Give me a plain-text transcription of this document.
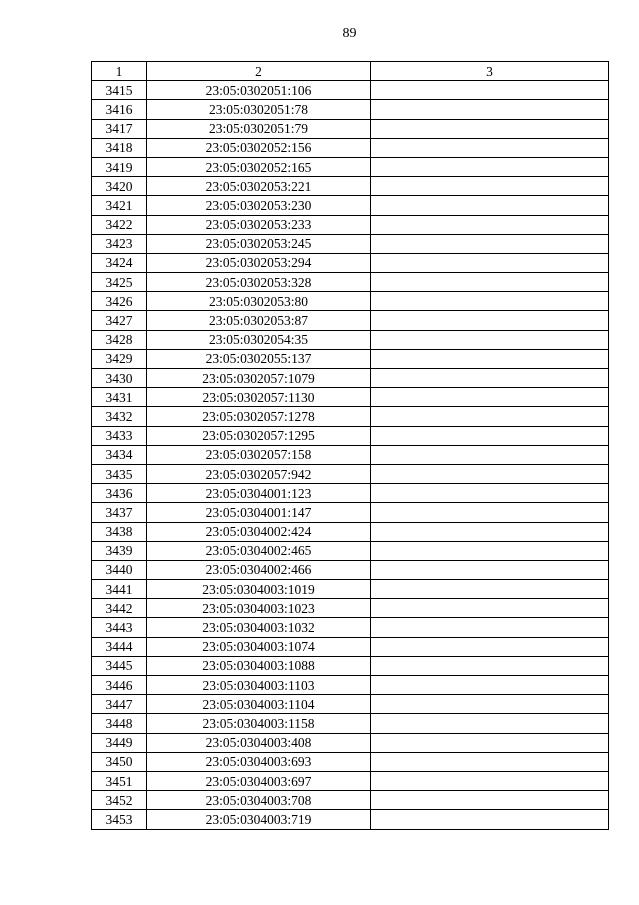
89
1	2	3
3415	23:05:0302051:106	
3416	23:05:0302051:78	
3417	23:05:0302051:79	
3418	23:05:0302052:156	
3419	23:05:0302052:165	
3420	23:05:0302053:221	
3421	23:05:0302053:230	
3422	23:05:0302053:233	
3423	23:05:0302053:245	
3424	23:05:0302053:294	
3425	23:05:0302053:328	
3426	23:05:0302053:80	
3427	23:05:0302053:87	
3428	23:05:0302054:35	
3429	23:05:0302055:137	
3430	23:05:0302057:1079	
3431	23:05:0302057:1130	
3432	23:05:0302057:1278	
3433	23:05:0302057:1295	
3434	23:05:0302057:158	
3435	23:05:0302057:942	
3436	23:05:0304001:123	
3437	23:05:0304001:147	
3438	23:05:0304002:424	
3439	23:05:0304002:465	
3440	23:05:0304002:466	
3441	23:05:0304003:1019	
3442	23:05:0304003:1023	
3443	23:05:0304003:1032	
3444	23:05:0304003:1074	
3445	23:05:0304003:1088	
3446	23:05:0304003:1103	
3447	23:05:0304003:1104	
3448	23:05:0304003:1158	
3449	23:05:0304003:408	
3450	23:05:0304003:693	
3451	23:05:0304003:697	
3452	23:05:0304003:708	
3453	23:05:0304003:719	
